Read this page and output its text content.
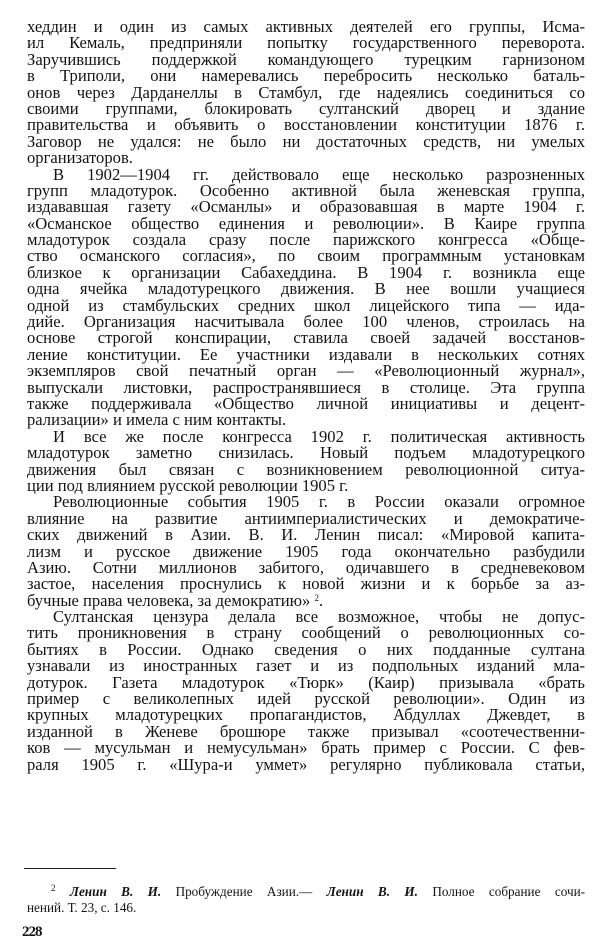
хеддин и один из самых активных деятелей его группы, Исма-
ил Кемаль, предприняли попытку государственного переворота.
Заручившись поддержкой командующего турецким гарнизоном
в Триполи, они намеревались перебросить несколько баталь-
онов через Дарданеллы в Стамбул, где надеялись соединиться со
своими группами, блокировать султанский дворец и здание
правительства и объявить о восстановлении конституции 1876 г.
Заговор не удался: не было ни достаточных средств, ни умелых
организаторов.
В 1902—1904 гг. действовало еще несколько разрозненных
групп младотурок. Особенно активной была женевская группа,
издававшая газету «Османлы» и образовавшая в марте 1904 г.
«Османское общество единения и революции». В Каире группа
младотурок создала сразу после парижского конгресса «Обще-
ство османского согласия», по своим программным установкам
близкое к организации Сабахеддина. В 1904 г. возникла еще
одна ячейка младотурецкого движения. В нее вошли учащиеся
одной из стамбульских средних школ лицейского типа — ида-
дийе. Организация насчитывала более 100 членов, строилась на
основе строгой конспирации, ставила своей задачей восстанов-
ление конституции. Ее участники издавали в нескольких сотнях
экземпляров свой печатный орган — «Революционный журнал»,
выпускали листовки, распространявшиеся в столице. Эта группа
также поддерживала «Общество личной инициативы и децент-
рализации» и имела с ним контакты.
И все же после конгресса 1902 г. политическая активность
младотурок заметно снизилась. Новый подъем младотурецкого
движения был связан с возникновением революционной ситуа-
ции под влиянием русской революции 1905 г.
Революционные события 1905 г. в России оказали огромное
влияние на развитие антиимпериалистических и демократиче-
ских движений в Азии. В. И. Ленин писал: «Мировой капита-
лизм и русское движение 1905 года окончательно разбудили
Азию. Сотни миллионов забитого, одичавшего в средневековом
застое, населения проснулись к новой жизни и к борьбе за аз-
бучные права человека, за демократию» $^2$.
Султанская цензура делала все возможное, чтобы не допус-
тить проникновения в страну сообщений о революционных со-
бытиях в России. Однако сведения о них подданные султана
узнавали из иностранных газет и из подпольных изданий мла-
дотурок. Газета младотурок «Тюрк» (Каир) призывала «брать
пример с великолепных идей русской революции». Один из
крупных младотурецких пропагандистов, Абдуллах Джевдет, в
изданной в Женеве брошюре также призывал «соотечественни-
ков — мусульман и немусульман» брать пример с России. С фев-
раля 1905 г. «Шура-и уммет» регулярно публиковала статьи,
$^2$ Ленин В. И. Пробуждение Азии.— Ленин В. И. Полное собрание сочи-
нений. Т. 23, с. 146.
228
